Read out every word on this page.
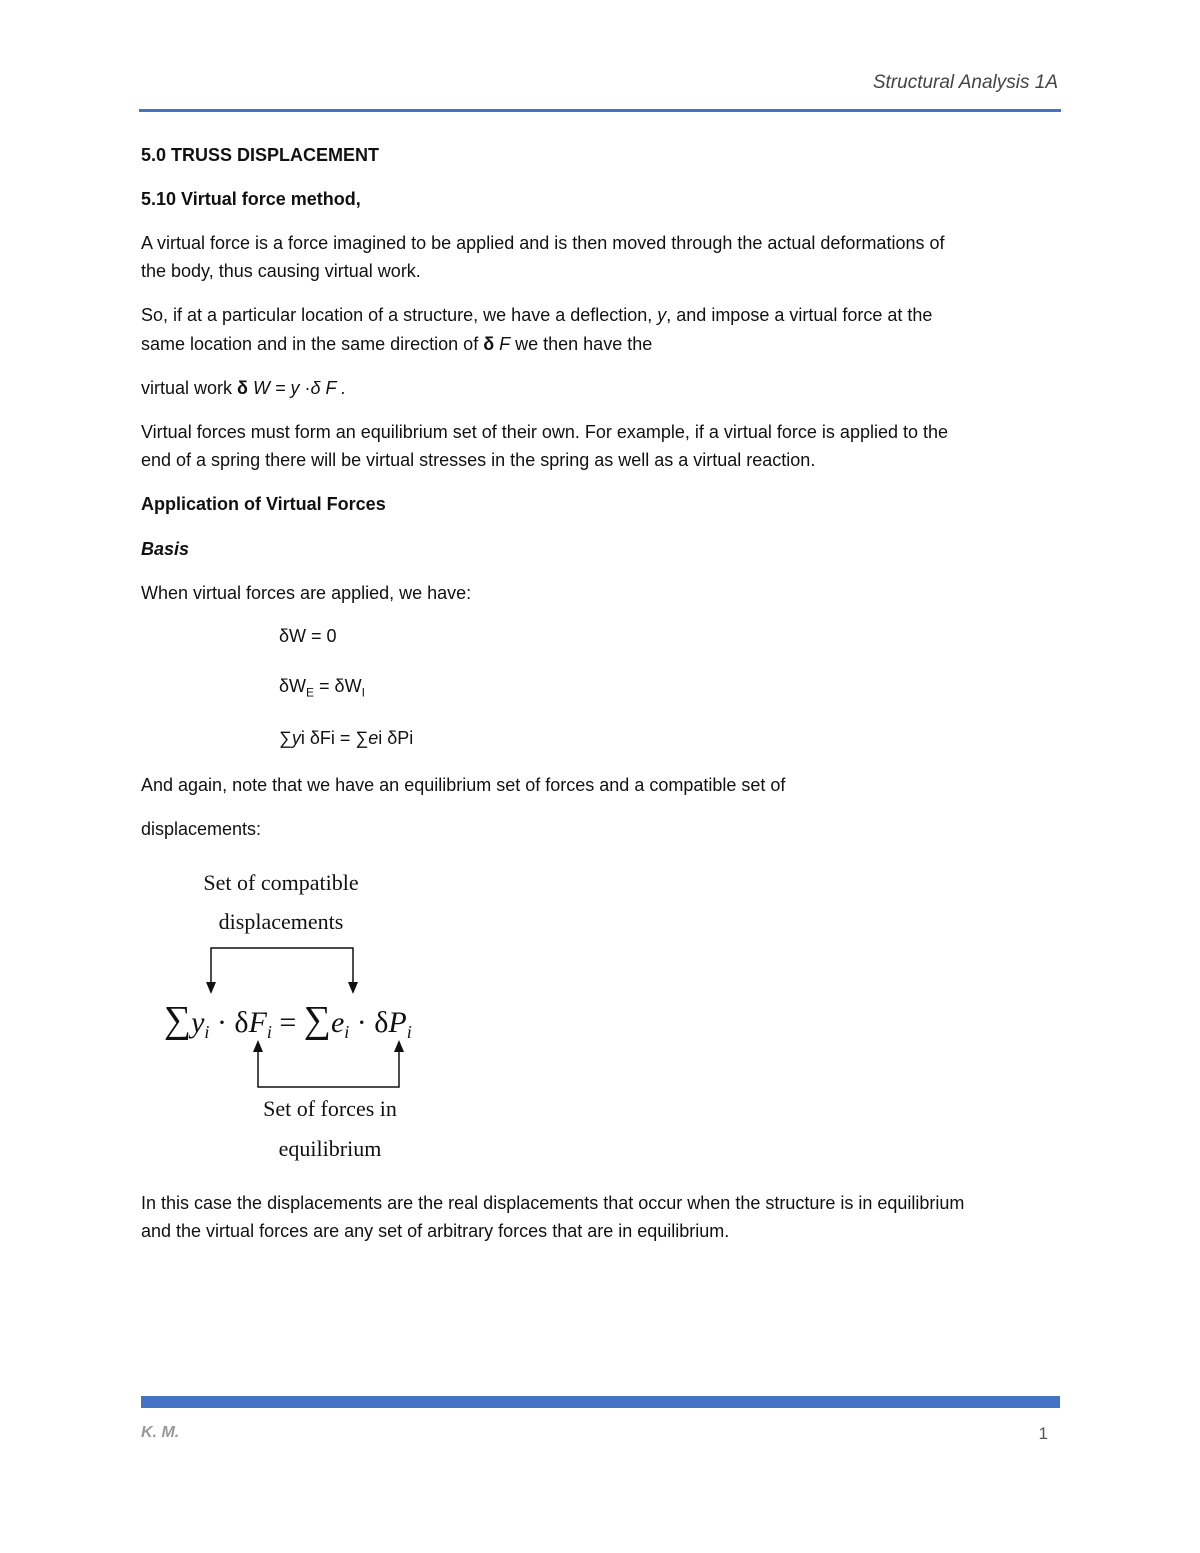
Structural Analysis 1A
5.0 TRUSS DISPLACEMENT
5.10 Virtual force method,
A virtual force is a force imagined to be applied and is then moved through the actual deformations of
the body, thus causing virtual work.
So, if at a particular location of a structure, we have a deflection, y, and impose a virtual force at the
same location and in the same direction of δ F we then have the
virtual work δ W = y ·δ F .
Virtual forces must form an equilibrium set of their own. For example, if a virtual force is applied to the
end of a spring there will be virtual stresses in the spring as well as a virtual reaction.
Application of Virtual Forces
Basis
When virtual forces are applied, we have:
δW = 0
$\delta W_E = \delta W_I$
∑yi δFi = ∑ei δPi
And again, note that we have an equilibrium set of forces and a compatible set of
displacements:
Set of compatible
displacements
$\sum y_i \cdot \delta F_i = \sum e_i \cdot \delta P_i$
Set of forces in
equilibrium
In this case the displacements are the real displacements that occur when the structure is in equilibrium
and the virtual forces are any set of arbitrary forces that are in equilibrium.
K. M.	1
